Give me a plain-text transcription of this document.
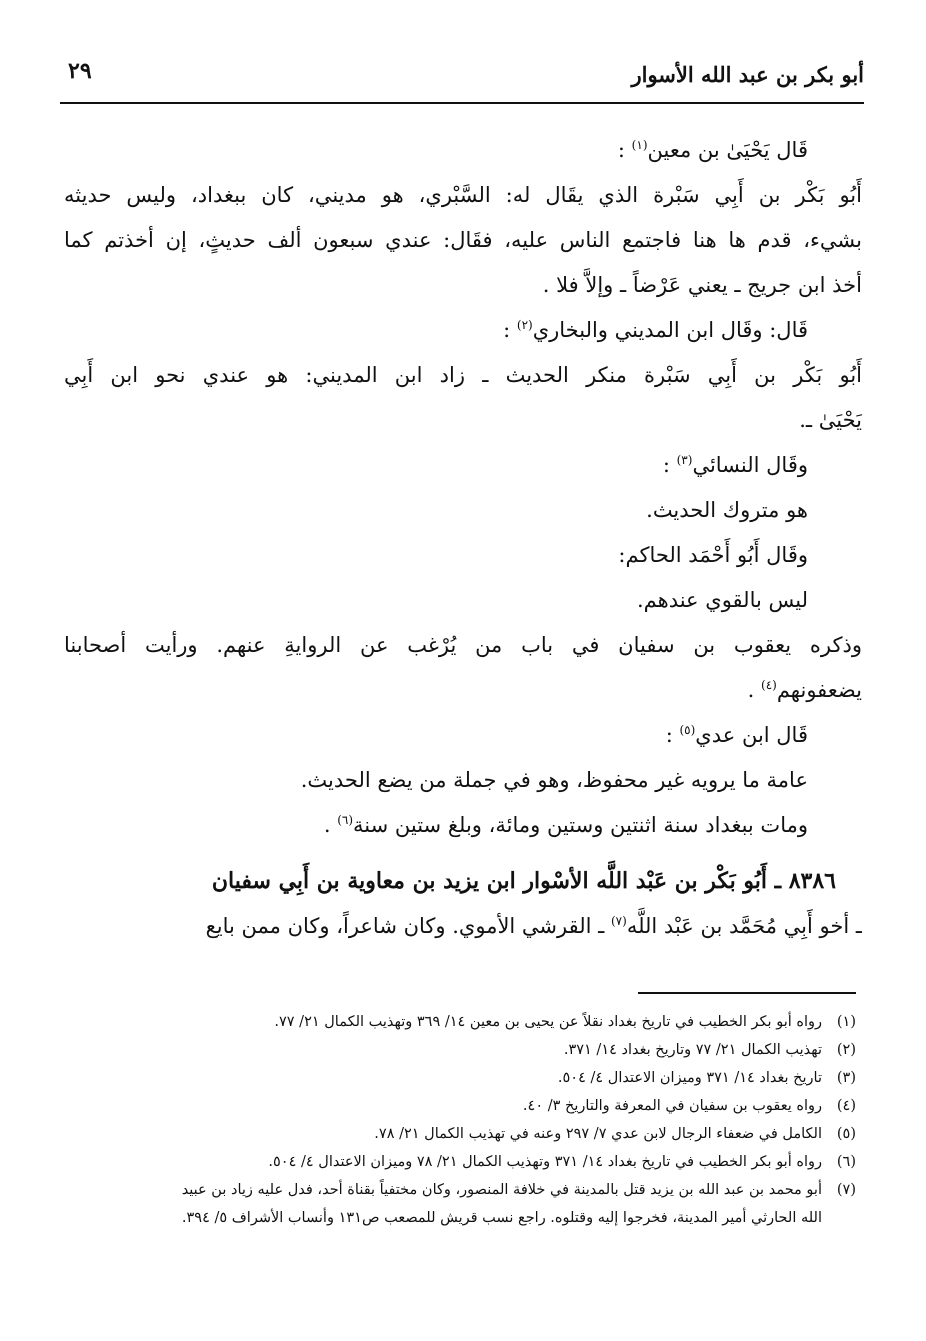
أبو بكر بن عبد الله الأسوار
٢٩
قَال يَحْيَىٰ بن معين$^{(١)}$ :
أَبُو بَكْر بن أَبِي سَبْرة الذي يقَال له: السَّبْري، هو مديني، كان ببغداد، وليس حديثه
بشيء، قدم ها هنا فاجتمع الناس عليه، فقَال: عندي سبعون ألف حديثٍ، إن أخذتم كما
أخذ ابن جريج ـ يعني عَرْضاً ـ وإلاَّ فلا .
قَال: وقَال ابن المديني والبخاري$^{(٢)}$ :
أَبُو بَكْر بن أَبِي سَبْرة منكر الحديث ـ زاد ابن المديني: هو عندي نحو ابن أَبِي
يَحْيَىٰ ـ.
وقَال النسائي$^{(٣)}$ :
هو متروك الحديث.
وقَال أَبُو أَحْمَد الحاكم:
ليس بالقوي عندهم.
وذكره يعقوب بن سفيان في باب من يُرْغب عن الروايةِ عنهم. ورأيت أصحابنا
يضعفونهم$^{(٤)}$ .
قَال ابن عدي$^{(٥)}$ :
عامة ما يرويه غير محفوظ، وهو في جملة من يضع الحديث.
ومات ببغداد سنة اثنتين وستين ومائة، وبلغ ستين سنة$^{(٦)}$ .
٨٣٨٦ ـ أَبُو بَكْر بن عَبْد اللَّه الأسْوار ابن يزيد بن معاوية بن أَبِي سفيان
ـ أخو أَبِي مُحَمَّد بن عَبْد اللَّه$^{(٧)}$ ـ القرشي الأموي. وكان شاعراً، وكان ممن بايع
(١)
رواه أبو بكر الخطيب في تاريخ بغداد نقلاً عن يحيى بن معين ١٤/ ٣٦٩ وتهذيب الكمال ٢١/ ٧٧.
(٢)
تهذيب الكمال ٢١/ ٧٧ وتاريخ بغداد ١٤/ ٣٧١.
(٣)
تاريخ بغداد ١٤/ ٣٧١ وميزان الاعتدال ٤/ ٥٠٤.
(٤)
رواه يعقوب بن سفيان في المعرفة والتاريخ ٣/ ٤٠.
(٥)
الكامل في ضعفاء الرجال لابن عدي ٧/ ٢٩٧ وعنه في تهذيب الكمال ٢١/ ٧٨.
(٦)
رواه أبو بكر الخطيب في تاريخ بغداد ١٤/ ٣٧١ وتهذيب الكمال ٢١/ ٧٨ وميزان الاعتدال ٤/ ٥٠٤.
(٧)
أبو محمد بن عبد الله بن يزيد قتل بالمدينة في خلافة المنصور، وكان مختفياً بقناة أحد، فدل عليه زياد بن عبيد
الله الحارثي أمير المدينة، فخرجوا إليه وقتلوه. راجع نسب قريش للمصعب ص١٣١ وأنساب الأشراف ٥/ ٣٩٤.
